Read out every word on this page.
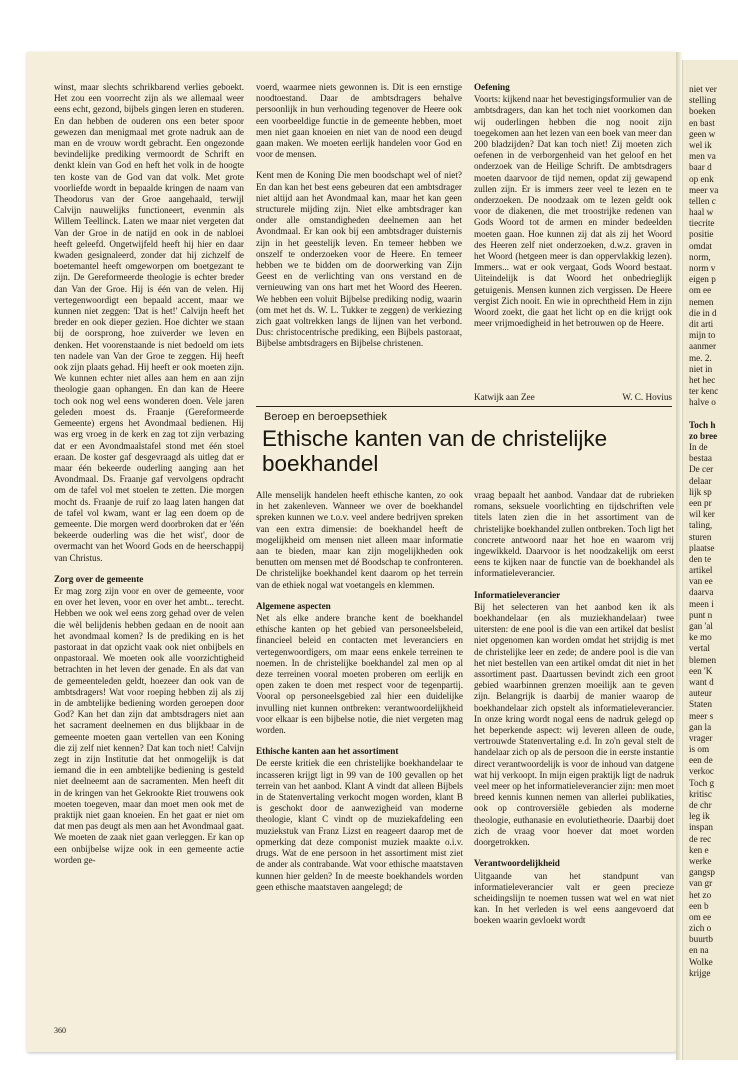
winst, maar slechts schrikbarend verlies geboekt. Het zou een voorrecht zijn als we allemaal weer eens echt, gezond, bijbels gingen leren en studeren. En dan hebben de ouderen ons een beter spoor gewezen dan menigmaal met grote nadruk aan de man en de vrouw wordt gebracht. Een ongezonde bevindelijke prediking vermoordt de Schrift en denkt klein van God en heft het volk in de hoogte ten koste van de God van dat volk. Met grote voorliefde wordt in bepaalde kringen de naam van Theodorus van der Groe aangehaald, terwijl Calvijn nauwelijks functioneert, evenmin als Willem Teellinck. Laten we maar niet vergeten dat Van der Groe in de natijd en ook in de nabloei heeft geleefd. Ongetwijfeld heeft hij hier en daar kwaden gesignaleerd, zonder dat hij zichzelf de boetemantel heeft omgeworpen om boetgezant te zijn. De Gereformeerde theologie is echter breder dan Van der Groe. Hij is één van de velen. Hij vertegenwoordigt een bepaald accent, maar we kunnen niet zeggen: 'Dat is het!' Calvijn heeft het breder en ook dieper gezien. Hoe dichter we staan bij de oorsprong, hoe zuiverder we leven en denken. Het voorenstaande is niet bedoeld om iets ten nadele van Van der Groe te zeggen. Hij heeft ook zijn plaats gehad. Hij heeft er ook moeten zijn. We kunnen echter niet alles aan hem en aan zijn theologie gaan ophangen. En dan kan de Heere toch ook nog wel eens wonderen doen. Vele jaren geleden moest ds. Fraanje (Gereformeerde Gemeente) ergens het Avondmaal bedienen. Hij was erg vroeg in de kerk en zag tot zijn verbazing dat er een Avondmaalstafel stond met één stoel eraan. De koster gaf desgevraagd als uitleg dat er maar één bekeerde ouderling aanging aan het Avondmaal. Ds. Fraanje gaf vervolgens opdracht om de tafel vol met stoelen te zetten. Die morgen mocht ds. Fraanje de ruif zo laag laten hangen dat de tafel vol kwam, want er lag een doem op de gemeente. Die morgen werd doorbroken dat er 'één bekeerde ouderling was die het wist', door de overmacht van het Woord Gods en de heerschappij van Christus.

Zorg over de gemeente

Er mag zorg zijn voor en over de gemeente, voor en over het leven, voor en over het ambt... terecht. Hebben we ook wel eens zorg gehad over de velen die wèl belijdenis hebben gedaan en de nooit aan het avondmaal komen? Is de prediking en is het pastoraat in dat opzicht vaak ook niet onbijbels en onpastoraal. We moeten ook alle voorzichtigheid betrachten in het leven der genade. En als dat van de gemeenteleden geldt, hoezeer dan ook van de ambtsdragers! Wat voor roeping hebben zij als zij in de ambtelijke bediening worden geroepen door God? Kan het dan zijn dat ambtsdragers niet aan het sacrament deelnemen en dus blijkbaar in de gemeente moeten gaan vertellen van een Koning die zij zelf niet kennen? Dat kan toch niet! Calvijn zegt in zijn Institutie dat het onmogelijk is dat iemand die in een ambtelijke bediening is gesteld niet deelneemt aan de sacramenten. Men heeft dit in de kringen van het Gekrookte Riet trouwens ook moeten toegeven, maar dan moet men ook met de praktijk niet gaan knoeien. En het gaat er niet om dat men pas deugt als men aan het Avondmaal gaat. We moeten de zaak niet gaan verleggen. Er kan op een onbijbelse wijze ook in een gemeente actie worden ge-

voerd, waarmee niets gewonnen is. Dit is een ernstige noodtoestand. Daar de ambtsdragers behalve persoonlijk in hun verhouding tegenover de Heere ook een voorbeeldige functie in de gemeente hebben, moet men niet gaan knoeien en niet van de nood een deugd gaan maken. We moeten eerlijk handelen voor God en voor de mensen.

Kent men de Koning Die men boodschapt wel of niet? En dan kan het best eens gebeuren dat een ambtsdrager niet altijd aan het Avondmaal kan, maar het kan geen structurele mijding zijn. Niet elke ambtsdrager kan onder alle omstandigheden deelnemen aan het Avondmaal. Er kan ook bij een ambtsdrager duisternis zijn in het geestelijk leven. En temeer hebben we onszelf te onderzoeken voor de Heere. En temeer hebben we te bidden om de doorwerking van Zijn Geest en de verlichting van ons verstand en de vernieuwing van ons hart met het Woord des Heeren. We hebben een voluit Bijbelse prediking nodig, waarin (om met het ds. W. L. Tukker te zeggen) de verkiezing zich gaat voltrekken langs de lijnen van het verbond. Dus: christocentrische prediking, een Bijbels pastoraat, Bijbelse ambtsdragers en Bijbelse christenen.

Oefening

Voorts: kijkend naar het bevestigingsformulier van de ambtsdragers, dan kan het toch niet voorkomen dan wij ouderlingen hebben die nog nooit zijn toegekomen aan het lezen van een boek van meer dan 200 bladzijden? Dat kan toch niet! Zij moeten zich oefenen in de verborgenheid van het geloof en het onderzoek van de Heilige Schrift. De ambtsdragers moeten daarvoor de tijd nemen, opdat zij gewapend zullen zijn. Er is immers zeer veel te lezen en te onderzoeken. De noodzaak om te lezen geldt ook voor de diakenen, die met troostrijke redenen van Gods Woord tot de armen en minder bedeelden moeten gaan. Hoe kunnen zij dat als zij het Woord des Heeren zelf niet onderzoeken, d.w.z. graven in het Woord (hetgeen meer is dan oppervlakkig lezen). Immers... wat er ook vergaat, Gods Woord bestaat. Uiteindelijk is dat Woord het onbedrieglijk getuigenis. Mensen kunnen zich vergissen. De Heere vergist Zich nooit. En wie in oprechtheid Hem in zijn Woord zoekt, die gaat het licht op en die krijgt ook meer vrijmoedigheid in het betrouwen op de Heere.

Katwijk aan Zee	W. C. Hovius
Beroep en beroepsethiek
Ethische kanten van de christelijke boekhandel

Alle menselijk handelen heeft ethische kanten, zo ook in het zakenleven. Wanneer we over de boekhandel spreken kunnen we t.o.v. veel andere bedrijven spreken van een extra dimensie: de boekhandel heeft de mogelijkheid om mensen niet alleen maar informatie aan te bieden, maar kan zijn mogelijkheden ook benutten om mensen met dé Boodschap te confronteren. De christelijke boekhandel kent daarom op het terrein van de ethiek nogal wat voetangels en klemmen.

Algemene aspecten

Net als elke andere branche kent de boekhandel ethische kanten op het gebied van personeelsbeleid, financieel beleid en contacten met leveranciers en vertegenwoordigers, om maar eens enkele terreinen te noemen. In de christelijke boekhandel zal men op al deze terreinen vooral moeten proberen om eerlijk en open zaken te doen met respect voor de tegenpartij. Vooral op personeelsgebied zal hier een duidelijke invulling niet kunnen ontbreken: verantwoordelijkheid voor elkaar is een bijbelse notie, die niet vergeten mag worden.

Ethische kanten aan het assortiment

De eerste kritiek die een christelijke boekhandelaar te incasseren krijgt ligt in 99 van de 100 gevallen op het terrein van het aanbod. Klant A vindt dat alleen Bijbels in de Statenvertaling verkocht mogen worden, klant B is geschokt door de aanwezigheid van moderne theologie, klant C vindt op de muziekafdeling een muziekstuk van Franz Lizst en reageert daarop met de opmerking dat deze componist muziek maakte o.i.v. drugs. Wat de ene persoon in het assortiment mist ziet de ander als contrabande. Wat voor ethische maatstaven kunnen hier gelden? In de meeste boekhandels worden geen ethische maatstaven aangelegd; de

vraag bepaalt het aanbod. Vandaar dat de rubrieken romans, seksuele voorlichting en tijdschriften vele titels laten zien die in het assortiment van de christelijke boekhandel zullen ontbreken. Toch ligt het concrete antwoord naar het hoe en waarom vrij ingewikkeld. Daarvoor is het noodzakelijk om eerst eens te kijken naar de functie van de boekhandel als informatieleverancier.

Informatieleverancier

Bij het selecteren van het aanbod ken ik als boekhandelaar (en als muziekhandelaar) twee uitersten: de ene pool is die van een artikel dat beslist niet opgenomen kan worden omdat het strijdig is met de christelijke leer en zede; de andere pool is die van het niet bestellen van een artikel omdat dit niet in het assortiment past. Daartussen bevindt zich een groot gebied waarbinnen grenzen moeilijk aan te geven zijn. Belangrijk is daarbij de manier waarop de boekhandelaar zich opstelt als informatieleverancier. In onze kring wordt nogal eens de nadruk gelegd op het beperkende aspect: wij leveren alleen de oude, vertrouwde Statenvertaling e.d. In zo'n geval stelt de handelaar zich op als de persoon die in eerste instantie direct verantwoordelijk is voor de inhoud van datgene wat hij verkoopt. In mijn eigen praktijk ligt de nadruk veel meer op het informatieleverancier zijn: men moet breed kennis kunnen nemen van allerlei publikaties, ook op controversiële gebieden als moderne theologie, euthanasie en evolutietheorie. Daarbij doet zich de vraag voor hoever dat moet worden doorgetrokken.

Verantwoordelijkheid

Uitgaande van het standpunt van informatieleverancier valt er geen precieze scheidingslijn te noemen tussen wat wel en wat niet kan. In het verleden is wel eens aangevoerd dat boeken waarin gevloekt wordt

360
niet ver
stelling
boeken
en bast
geen w
wel ik
men va
baar d
op enk
meer va
tellen c
haal w
tiecrite
positie
omdat
norm,
norm v
eigen p
om ee
nemen
die in d
dit arti
mijn to
aanmer
me. 2.
niet in
het hec
ter kenc
halve o
Toch h
zo bree
In de
bestaa
De cer
delaar
lijk sp
een pr
wil ker
taling,
sturen
plaatse
den te
artikel
van ee
daarva
meen i
punt n
gan 'al
ke mo
vertal
blemen
een 'K
want d
auteur
Staten
meer s
gan la
vrager
is om
een de
verkoc
Toch g
kritisc
de chr
leg ik
inspan
de rec
ken e
werke
gangsp
van gr
het zo
een b
om ee
zich o
buurtb
en na
Wolke
krijge
